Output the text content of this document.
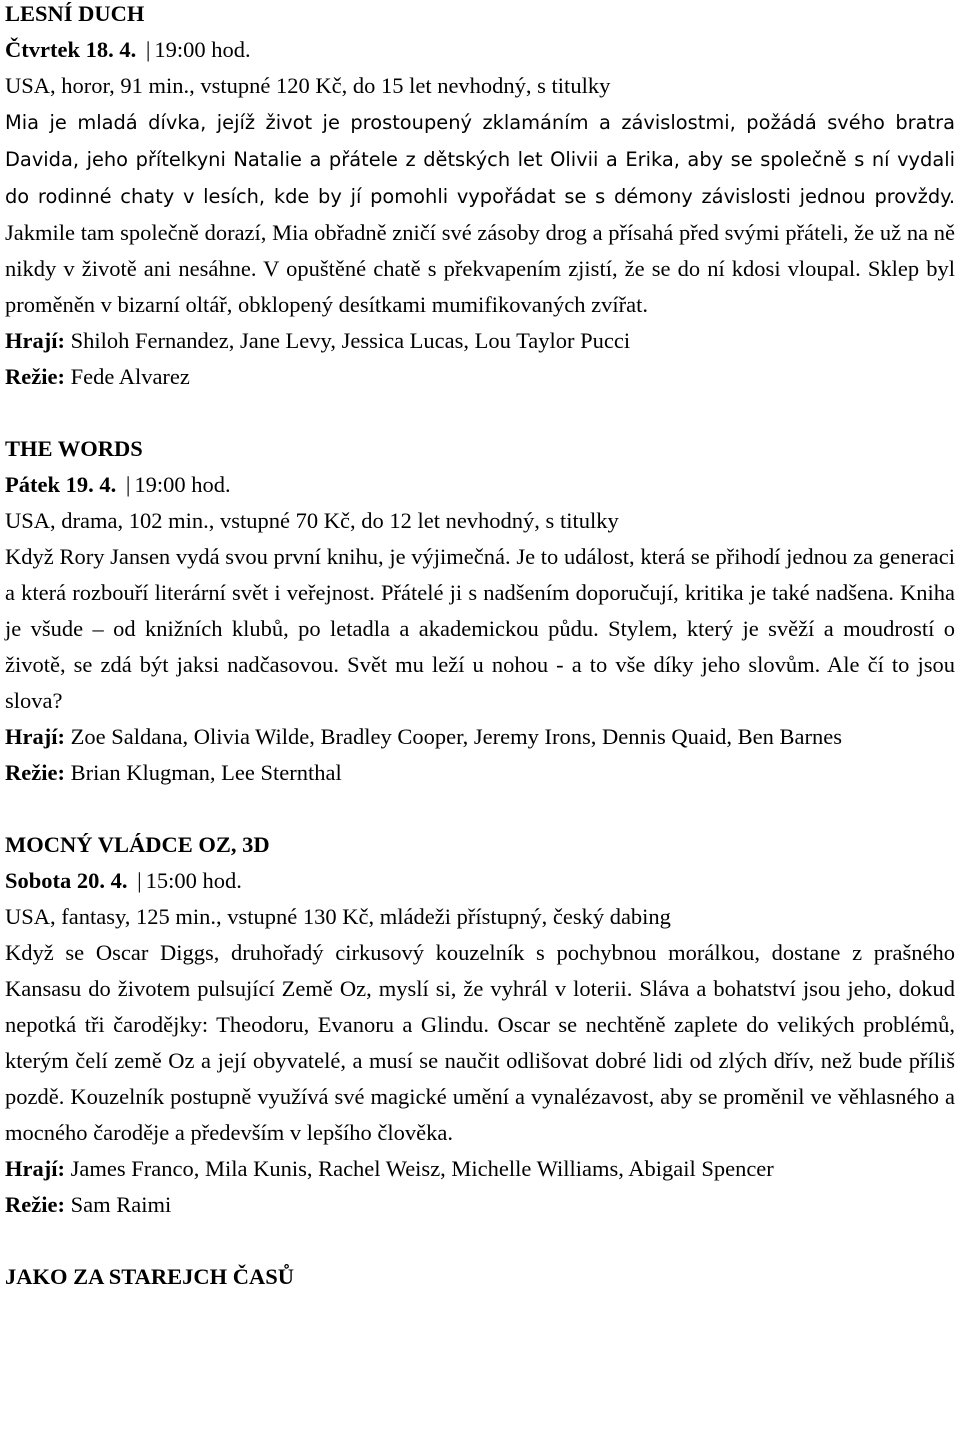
LESNÍ DUCH
Čtvrtek 18. 4. | 19:00 hod.
USA, horor, 91 min., vstupné 120 Kč, do 15 let nevhodný, s titulky

Mia je mladá dívka, jejíž život je prostoupený zklamáním a závislostmi, požádá svého bratra Davida, jeho přítelkyni Natalie a přátele z dětských let Olivii a Erika, aby se společně s ní vydali do rodinné chaty v lesích, kde by jí pomohli vypořádat se s démony závislosti jednou provždy. Jakmile tam společně dorazí, Mia obřadně zničí své zásoby drog a přísahá před svými přáteli, že už na ně nikdy v životě ani nesáhne. V opuštěné chatě s překvapením zjistí, že se do ní kdosi vloupal. Sklep byl proměněn v bizarní oltář, obklopený desítkami mumifikovaných zvířat.

Hrají: Shiloh Fernandez, Jane Levy, Jessica Lucas, Lou Taylor Pucci
Režie: Fede Alvarez
THE WORDS
Pátek 19. 4. | 19:00 hod.
USA, drama, 102 min., vstupné 70 Kč, do 12 let nevhodný, s titulky

Když Rory Jansen vydá svou první knihu, je výjimečná. Je to událost, která se přihodí jednou za generaci a která rozbouří literární svět i veřejnost. Přátelé ji s nadšením doporučují, kritika je také nadšena. Kniha je všude – od knižních klubů, po letadla a akademickou půdu. Stylem, který je svěží a moudrostí o životě, se zdá být jaksi nadčasovou. Svět mu leží u nohou - a to vše díky jeho slovům. Ale čí to jsou slova?

Hrají: Zoe Saldana, Olivia Wilde, Bradley Cooper, Jeremy Irons, Dennis Quaid, Ben Barnes

Režie: Brian Klugman, Lee Sternthal
MOCNÝ VLÁDCE OZ, 3D
Sobota 20. 4. | 15:00 hod.
USA, fantasy, 125 min., vstupné 130 Kč, mládeži přístupný, český dabing

Když se Oscar Diggs, druhořadý cirkusový kouzelník s pochybnou morálkou, dostane z prašného Kansasu do životem pulsující Země Oz, myslí si, že vyhrál v loterii. Sláva a bohatství jsou jeho, dokud nepotká tři čarodějky: Theodoru, Evanoru a Glindu. Oscar se nechtěně zaplete do velikých problémů, kterým čelí země Oz a její obyvatelé, a musí se naučit odlišovat dobré lidi od zlých dřív, než bude příliš pozdě. Kouzelník postupně využívá své magické umění a vynalézavost, aby se proměnil ve věhlasného a mocného čaroděje a především v lepšího člověka.

Hrají: James Franco, Mila Kunis, Rachel Weisz, Michelle Williams, Abigail Spencer
Režie: Sam Raimi
JAKO ZA STAREJCH ČASŮ
